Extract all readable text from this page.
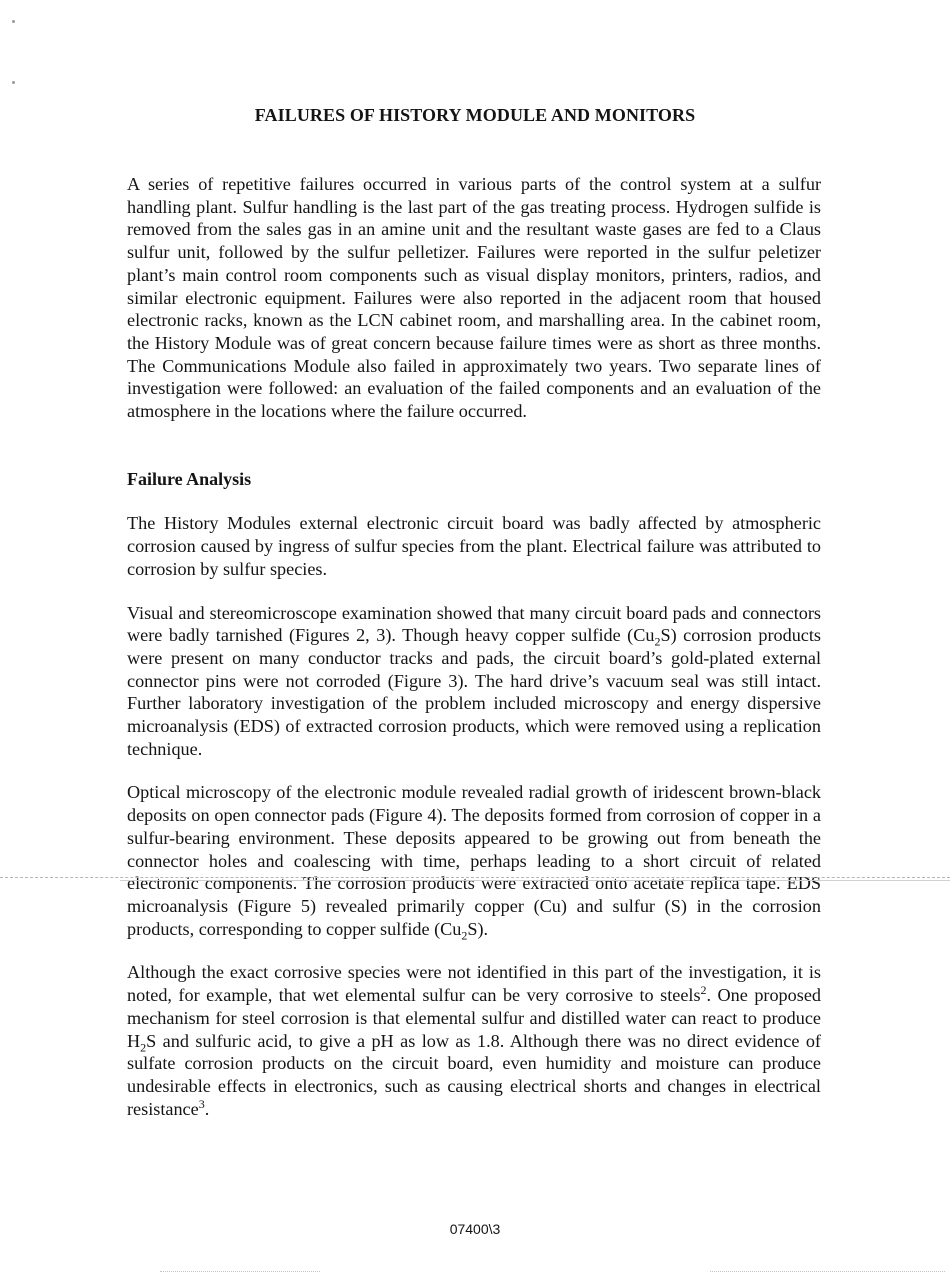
FAILURES OF HISTORY MODULE AND MONITORS

A series of repetitive failures occurred in various parts of the control system at a sulfur handling plant. Sulfur handling is the last part of the gas treating process. Hydrogen sulfide is removed from the sales gas in an amine unit and the resultant waste gases are fed to a Claus sulfur unit, followed by the sulfur pelletizer. Failures were reported in the sulfur peletizer plant’s main control room components such as visual display monitors, printers, radios, and similar electronic equipment. Failures were also reported in the adjacent room that housed electronic racks, known as the LCN cabinet room, and marshalling area. In the cabinet room, the History Module was of great concern because failure times were as short as three months. The Communications Module also failed in approximately two years. Two separate lines of investigation were followed: an evaluation of the failed components and an evaluation of the atmosphere in the locations where the failure occurred.

Failure Analysis

The History Modules external electronic circuit board was badly affected by atmospheric corrosion caused by ingress of sulfur species from the plant. Electrical failure was attributed to corrosion by sulfur species.

Visual and stereomicroscope examination showed that many circuit board pads and connectors were badly tarnished (Figures 2, 3). Though heavy copper sulfide $(Cu_2S)$ corrosion products were present on many conductor tracks and pads, the circuit board’s gold-plated external connector pins were not corroded (Figure 3). The hard drive’s vacuum seal was still intact. Further laboratory investigation of the problem included microscopy and energy dispersive microanalysis (EDS) of extracted corrosion products, which were removed using a replication technique.

Optical microscopy of the electronic module revealed radial growth of iridescent brown-black deposits on open connector pads (Figure 4). The deposits formed from corrosion of copper in a sulfur-bearing environment. These deposits appeared to be growing out from beneath the connector holes and coalescing with time, perhaps leading to a short circuit of related electronic components. The corrosion products were extracted onto acetate replica tape. EDS microanalysis (Figure 5) revealed primarily copper (Cu) and sulfur (S) in the corrosion products, corresponding to copper sulfide $(Cu_2S)$.

Although the exact corrosive species were not identified in this part of the investigation, it is noted, for example, that wet elemental sulfur can be very corrosive to steels$^2$. One proposed mechanism for steel corrosion is that elemental sulfur and distilled water can react to produce $H_2S$ and sulfuric acid, to give a pH as low as 1.8. Although there was no direct evidence of sulfate corrosion products on the circuit board, even humidity and moisture can produce undesirable effects in electronics, such as causing electrical shorts and changes in electrical resistance$^3$.

07400\3
